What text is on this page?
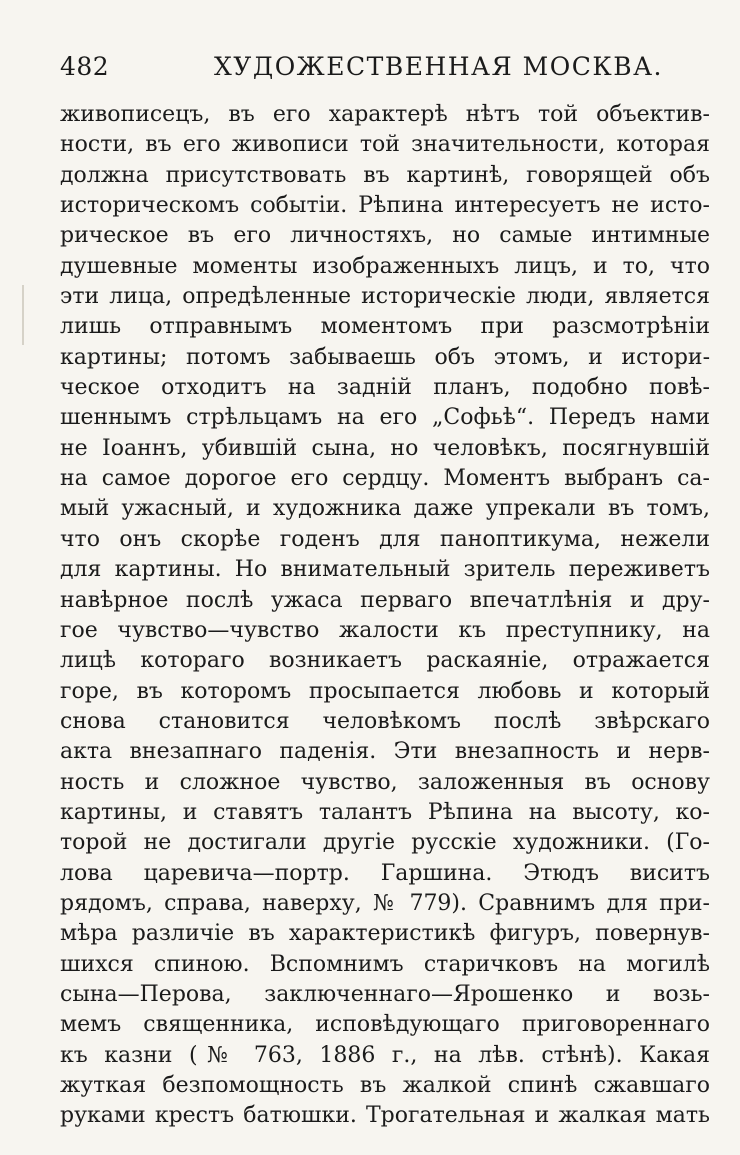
482	ХУДОЖЕСТВЕННАЯ МОСКВА.
живописецъ, въ его характерѣ нѣтъ той объектив-
ности, въ его живописи той значительности, которая
должна присутствовать въ картинѣ, говорящей объ
историческомъ событіи. Рѣпина интересуетъ не исто-
рическое въ его личностяхъ, но самые интимные
душевные моменты изображенныхъ лицъ, и то, что
эти лица, опредѣленные историческіе люди, является
лишь отправнымъ моментомъ при разсмотрѣніи
картины; потомъ забываешь объ этомъ, и истори-
ческое отходитъ на задній планъ, подобно повѣ-
шеннымъ стрѣльцамъ на его „Софьѣ“. Передъ нами
не Іоаннъ, убившій сына, но человѣкъ, посягнувшій
на самое дорогое его сердцу. Моментъ выбранъ са-
мый ужасный, и художника даже упрекали въ томъ,
что онъ скорѣе годенъ для паноптикума, нежели
для картины. Но внимательный зритель переживетъ
навѣрное послѣ ужаса перваго впечатлѣнія и дру-
гое чувство—чувство жалости къ преступнику, на
лицѣ котораго возникаетъ раскаяніе, отражается
горе, въ которомъ просыпается любовь и который
снова становится человѣкомъ послѣ звѣрскаго
акта внезапнаго паденія. Эти внезапность и нерв-
ность и сложное чувство, заложенныя въ основу
картины, и ставятъ талантъ Рѣпина на высоту, ко-
торой не достигали другіе русскіе художники. (Го-
лова царевича—портр. Гаршина. Этюдъ виситъ
рядомъ, справа, наверху, № 779). Сравнимъ для при-
мѣра различіе въ характеристикѣ фигуръ, повернув-
шихся спиною. Вспомнимъ старичковъ на могилѣ
сына—Перова, заключеннаго—Ярошенко и возь-
мемъ священника, исповѣдующаго приговореннаго
къ казни (№ 763, 1886 г., на лѣв. стѣнѣ). Какая
жуткая безпомощность въ жалкой спинѣ сжавшаго
руками крестъ батюшки. Трогательная и жалкая мать
